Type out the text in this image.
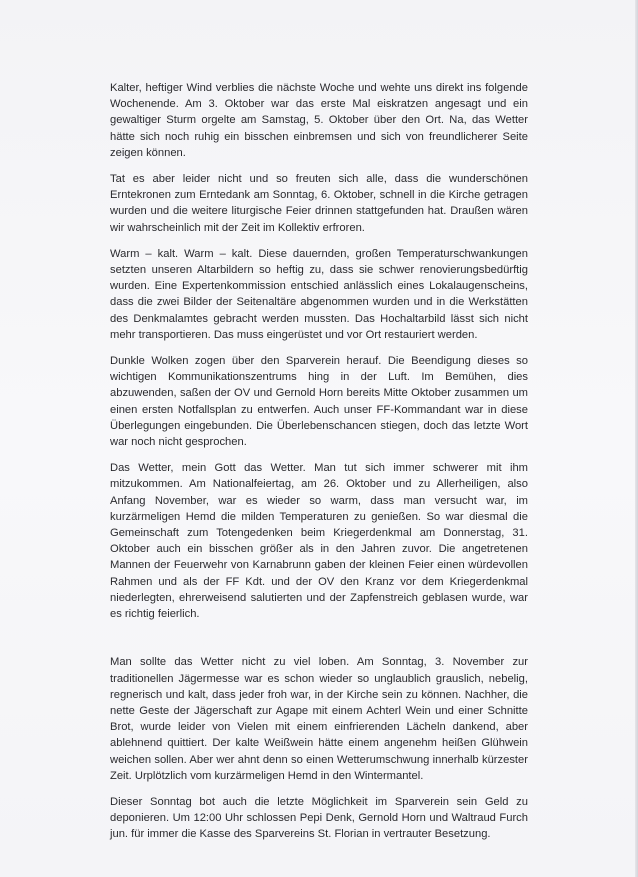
Kalter, heftiger Wind verblies die nächste Woche und wehte uns direkt ins folgende Wochenende. Am 3. Oktober war das erste Mal eiskratzen angesagt und ein gewaltiger Sturm orgelte am Samstag, 5. Oktober über den Ort. Na, das Wetter hätte sich noch ruhig ein bisschen einbremsen und sich von freundlicherer Seite zeigen können.

Tat es aber leider nicht und so freuten sich alle, dass die wunderschönen Erntekronen zum Erntedank am Sonntag, 6. Oktober, schnell in die Kirche getragen wurden und die weitere liturgische Feier drinnen stattgefunden hat. Draußen wären wir wahrscheinlich mit der Zeit im Kollektiv erfroren.

Warm – kalt. Warm – kalt. Diese dauernden, großen Temperaturschwankungen setzten unseren Altarbildern so heftig zu, dass sie schwer renovierungsbedürftig wurden. Eine Expertenkommission entschied anlässlich eines Lokalaugenscheins, dass die zwei Bilder der Seitenaltäre abgenommen wurden und in die Werkstätten des Denkmalamtes gebracht werden mussten. Das Hochaltarbild lässt sich nicht mehr transportieren. Das muss eingerüstet und vor Ort restauriert werden.

Dunkle Wolken zogen über den Sparverein herauf. Die Beendigung dieses so wichtigen Kommunikationszentrums hing in der Luft. Im Bemühen, dies abzuwenden, saßen der OV und Gernold Horn bereits Mitte Oktober zusammen um einen ersten Notfallsplan zu entwerfen. Auch unser FF-Kommandant war in diese Überlegungen eingebunden. Die Überlebenschancen stiegen, doch das letzte Wort war noch nicht gesprochen.

Das Wetter, mein Gott das Wetter. Man tut sich immer schwerer mit ihm mitzukommen. Am Nationalfeiertag, am 26. Oktober und zu Allerheiligen, also Anfang November, war es wieder so warm, dass man versucht war, im kurzärmeligen Hemd die milden Temperaturen zu genießen. So war diesmal die Gemeinschaft zum Totengedenken beim Kriegerdenkmal am Donnerstag, 31. Oktober auch ein bisschen größer als in den Jahren zuvor. Die angetretenen Mannen der Feuerwehr von Karnabrunn gaben der kleinen Feier einen würdevollen Rahmen und als der FF Kdt. und der OV den Kranz vor dem Kriegerdenkmal niederlegten, ehrerweisend salutierten und der Zapfenstreich geblasen wurde, war es richtig feierlich.

Man sollte das Wetter nicht zu viel loben. Am Sonntag, 3. November zur traditionellen Jägermesse war es schon wieder so unglaublich grauslich, nebelig, regnerisch und kalt, dass jeder froh war, in der Kirche sein zu können. Nachher, die nette Geste der Jägerschaft zur Agape mit einem Achterl Wein und einer Schnitte Brot, wurde leider von Vielen mit einem einfrierenden Lächeln dankend, aber ablehnend quittiert. Der kalte Weißwein hätte einem angenehm heißen Glühwein weichen sollen. Aber wer ahnt denn so einen Wetterumschwung innerhalb kürzester Zeit. Urplötzlich vom kurzärmeligen Hemd in den Wintermantel.

Dieser Sonntag bot auch die letzte Möglichkeit im Sparverein sein Geld zu deponieren. Um 12:00 Uhr schlossen Pepi Denk, Gernold Horn und Waltraud Furch jun. für immer die Kasse des Sparvereins St. Florian in vertrauter Besetzung.
